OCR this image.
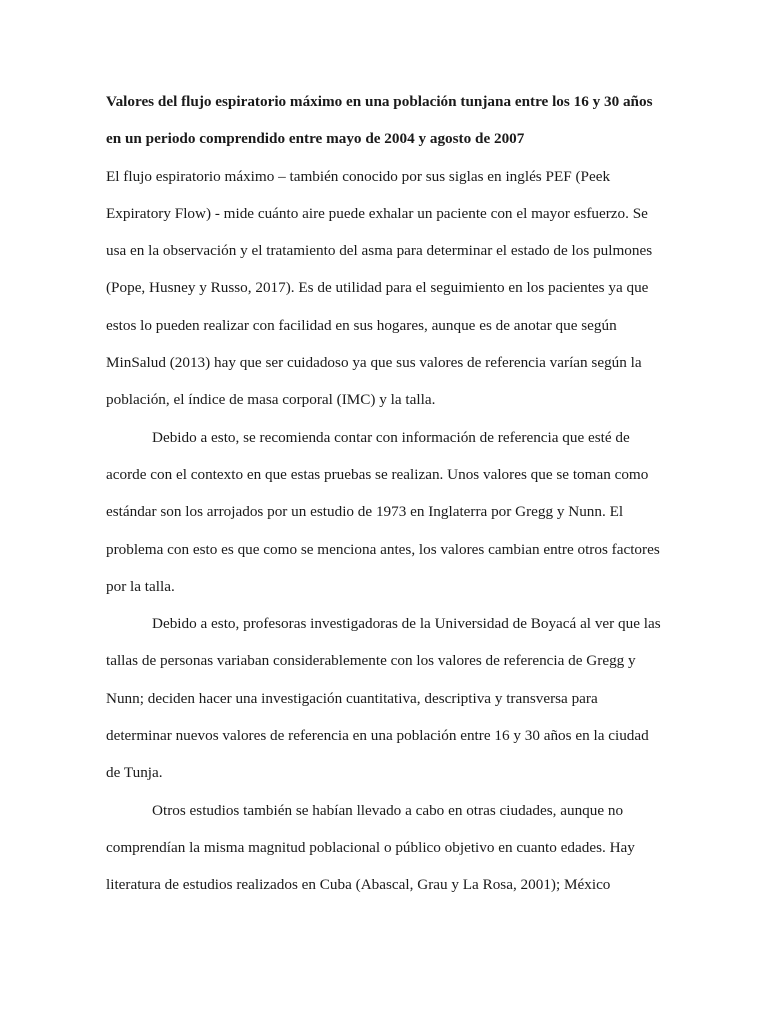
Valores del flujo espiratorio máximo en una población tunjana entre los 16 y 30 años
en un periodo comprendido entre mayo de 2004 y agosto de 2007
El flujo espiratorio máximo – también conocido por sus siglas en inglés PEF (Peek
Expiratory Flow) - mide cuánto aire puede exhalar un paciente con el mayor esfuerzo. Se
usa en la observación y el tratamiento del asma para determinar el estado de los pulmones
(Pope, Husney y Russo, 2017). Es de utilidad para el seguimiento en los pacientes ya que
estos lo pueden realizar con facilidad en sus hogares, aunque es de anotar que según
MinSalud (2013) hay que ser cuidadoso ya que sus valores de referencia varían según la
población, el índice de masa corporal (IMC) y la talla.
Debido a esto, se recomienda contar con información de referencia que esté de
acorde con el contexto en que estas pruebas se realizan. Unos valores que se toman como
estándar son los arrojados por un estudio de 1973 en Inglaterra por Gregg y Nunn. El
problema con esto es que como se menciona antes, los valores cambian entre otros factores
por la talla.
Debido a esto, profesoras investigadoras de la Universidad de Boyacá al ver que las
tallas de personas variaban considerablemente con los valores de referencia de Gregg y
Nunn; deciden hacer una investigación cuantitativa, descriptiva y transversa para
determinar nuevos valores de referencia en una población entre 16 y 30 años en la ciudad
de Tunja.
Otros estudios también se habían llevado a cabo en otras ciudades, aunque no
comprendían la misma magnitud poblacional o público objetivo en cuanto edades. Hay
literatura de estudios realizados en Cuba (Abascal, Grau y La Rosa, 2001); México
